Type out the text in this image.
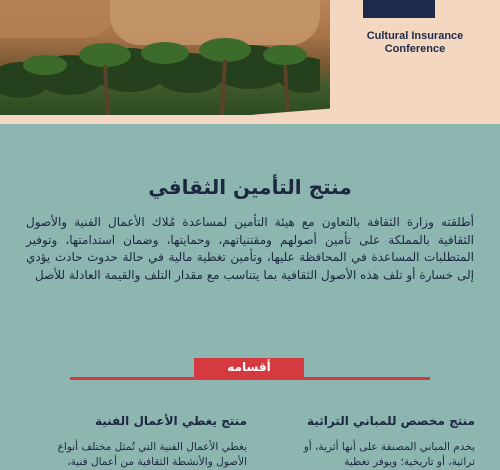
Cultural Insurance
Conference
منتج التأمين الثقافي
أطلقته وزارة الثقافة بالتعاون مع هيئة التأمين لمساعدة مُلاك الأعمال الفنية والأصول الثقافية بالمملكة على تأمين أصولهم ومقتنياتهم، وحمايتها، وضمان استدامتها، وتوفير المتطلبات المساعدة في المحافظة عليها، وتأمين تغطية مالية في حالة حدوث حادث يؤدي إلى خسارة أو تلف هذه الأصول الثقافية بما يتناسب مع مقدار التلف والقيمة العادلة للأصل
أقسامه
منتج مخصص للمباني التراثية

يخدم المباني المصنفة على أنها أثرية، أو تراثية، أو تاريخية؛ ويوفر تغطية

منتج يغطي الأعمال الفنية

يغطي الأعمال الفنية التي تُمثل مختلف أنواع الأصول والأنشطة الثقافية من أعمال فنية،
